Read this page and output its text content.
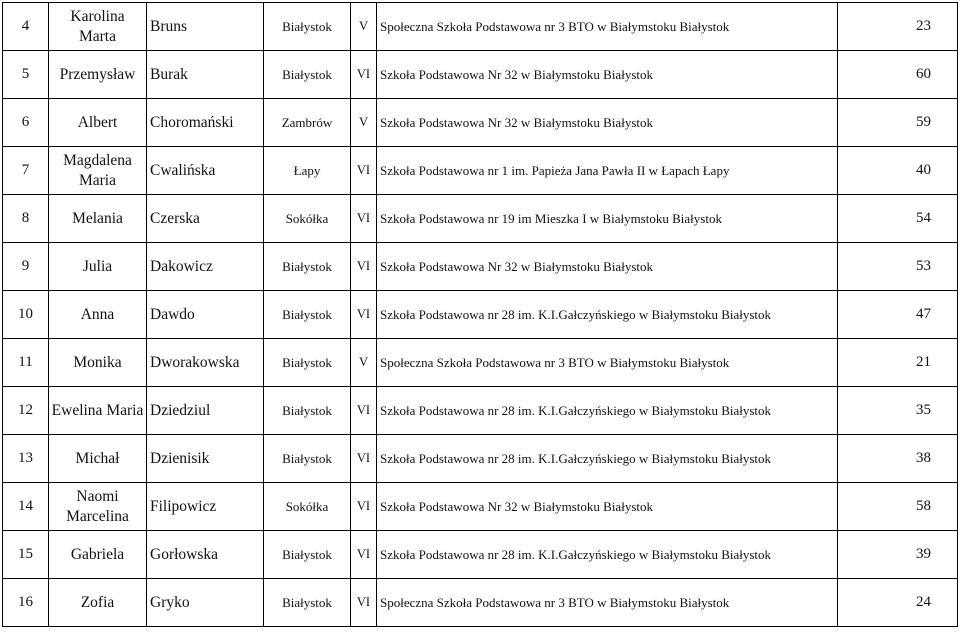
4	Karolina Marta	Bruns	Białystok	V	Społeczna Szkoła Podstawowa nr 3 BTO w Białymstoku Białystok	23
5	Przemysław	Burak	Białystok	VI	Szkoła Podstawowa Nr 32 w Białymstoku Białystok	60
6	Albert	Choromański	Zambrów	V	Szkoła Podstawowa Nr 32 w Białymstoku Białystok	59
7	Magdalena Maria	Cwalińska	Łapy	VI	Szkoła Podstawowa nr 1 im. Papieża Jana Pawła II w Łapach Łapy	40
8	Melania	Czerska	Sokółka	VI	Szkoła Podstawowa nr 19 im Mieszka I w Białymstoku Białystok	54
9	Julia	Dakowicz	Białystok	VI	Szkoła Podstawowa Nr 32 w Białymstoku Białystok	53
10	Anna	Dawdo	Białystok	VI	Szkoła Podstawowa nr 28 im. K.I.Gałczyńskiego w Białymstoku Białystok	47
11	Monika	Dworakowska	Białystok	V	Społeczna Szkoła Podstawowa nr 3 BTO w Białymstoku Białystok	21
12	Ewelina Maria	Dziedziul	Białystok	VI	Szkoła Podstawowa nr 28 im. K.I.Gałczyńskiego w Białymstoku Białystok	35
13	Michał	Dzienisik	Białystok	VI	Szkoła Podstawowa nr 28 im. K.I.Gałczyńskiego w Białymstoku Białystok	38
14	Naomi Marcelina	Filipowicz	Sokółka	VI	Szkoła Podstawowa Nr 32 w Białymstoku Białystok	58
15	Gabriela	Gorłowska	Białystok	VI	Szkoła Podstawowa nr 28 im. K.I.Gałczyńskiego w Białymstoku Białystok	39
16	Zofia	Gryko	Białystok	VI	Społeczna Szkoła Podstawowa nr 3 BTO w Białymstoku Białystok	24
